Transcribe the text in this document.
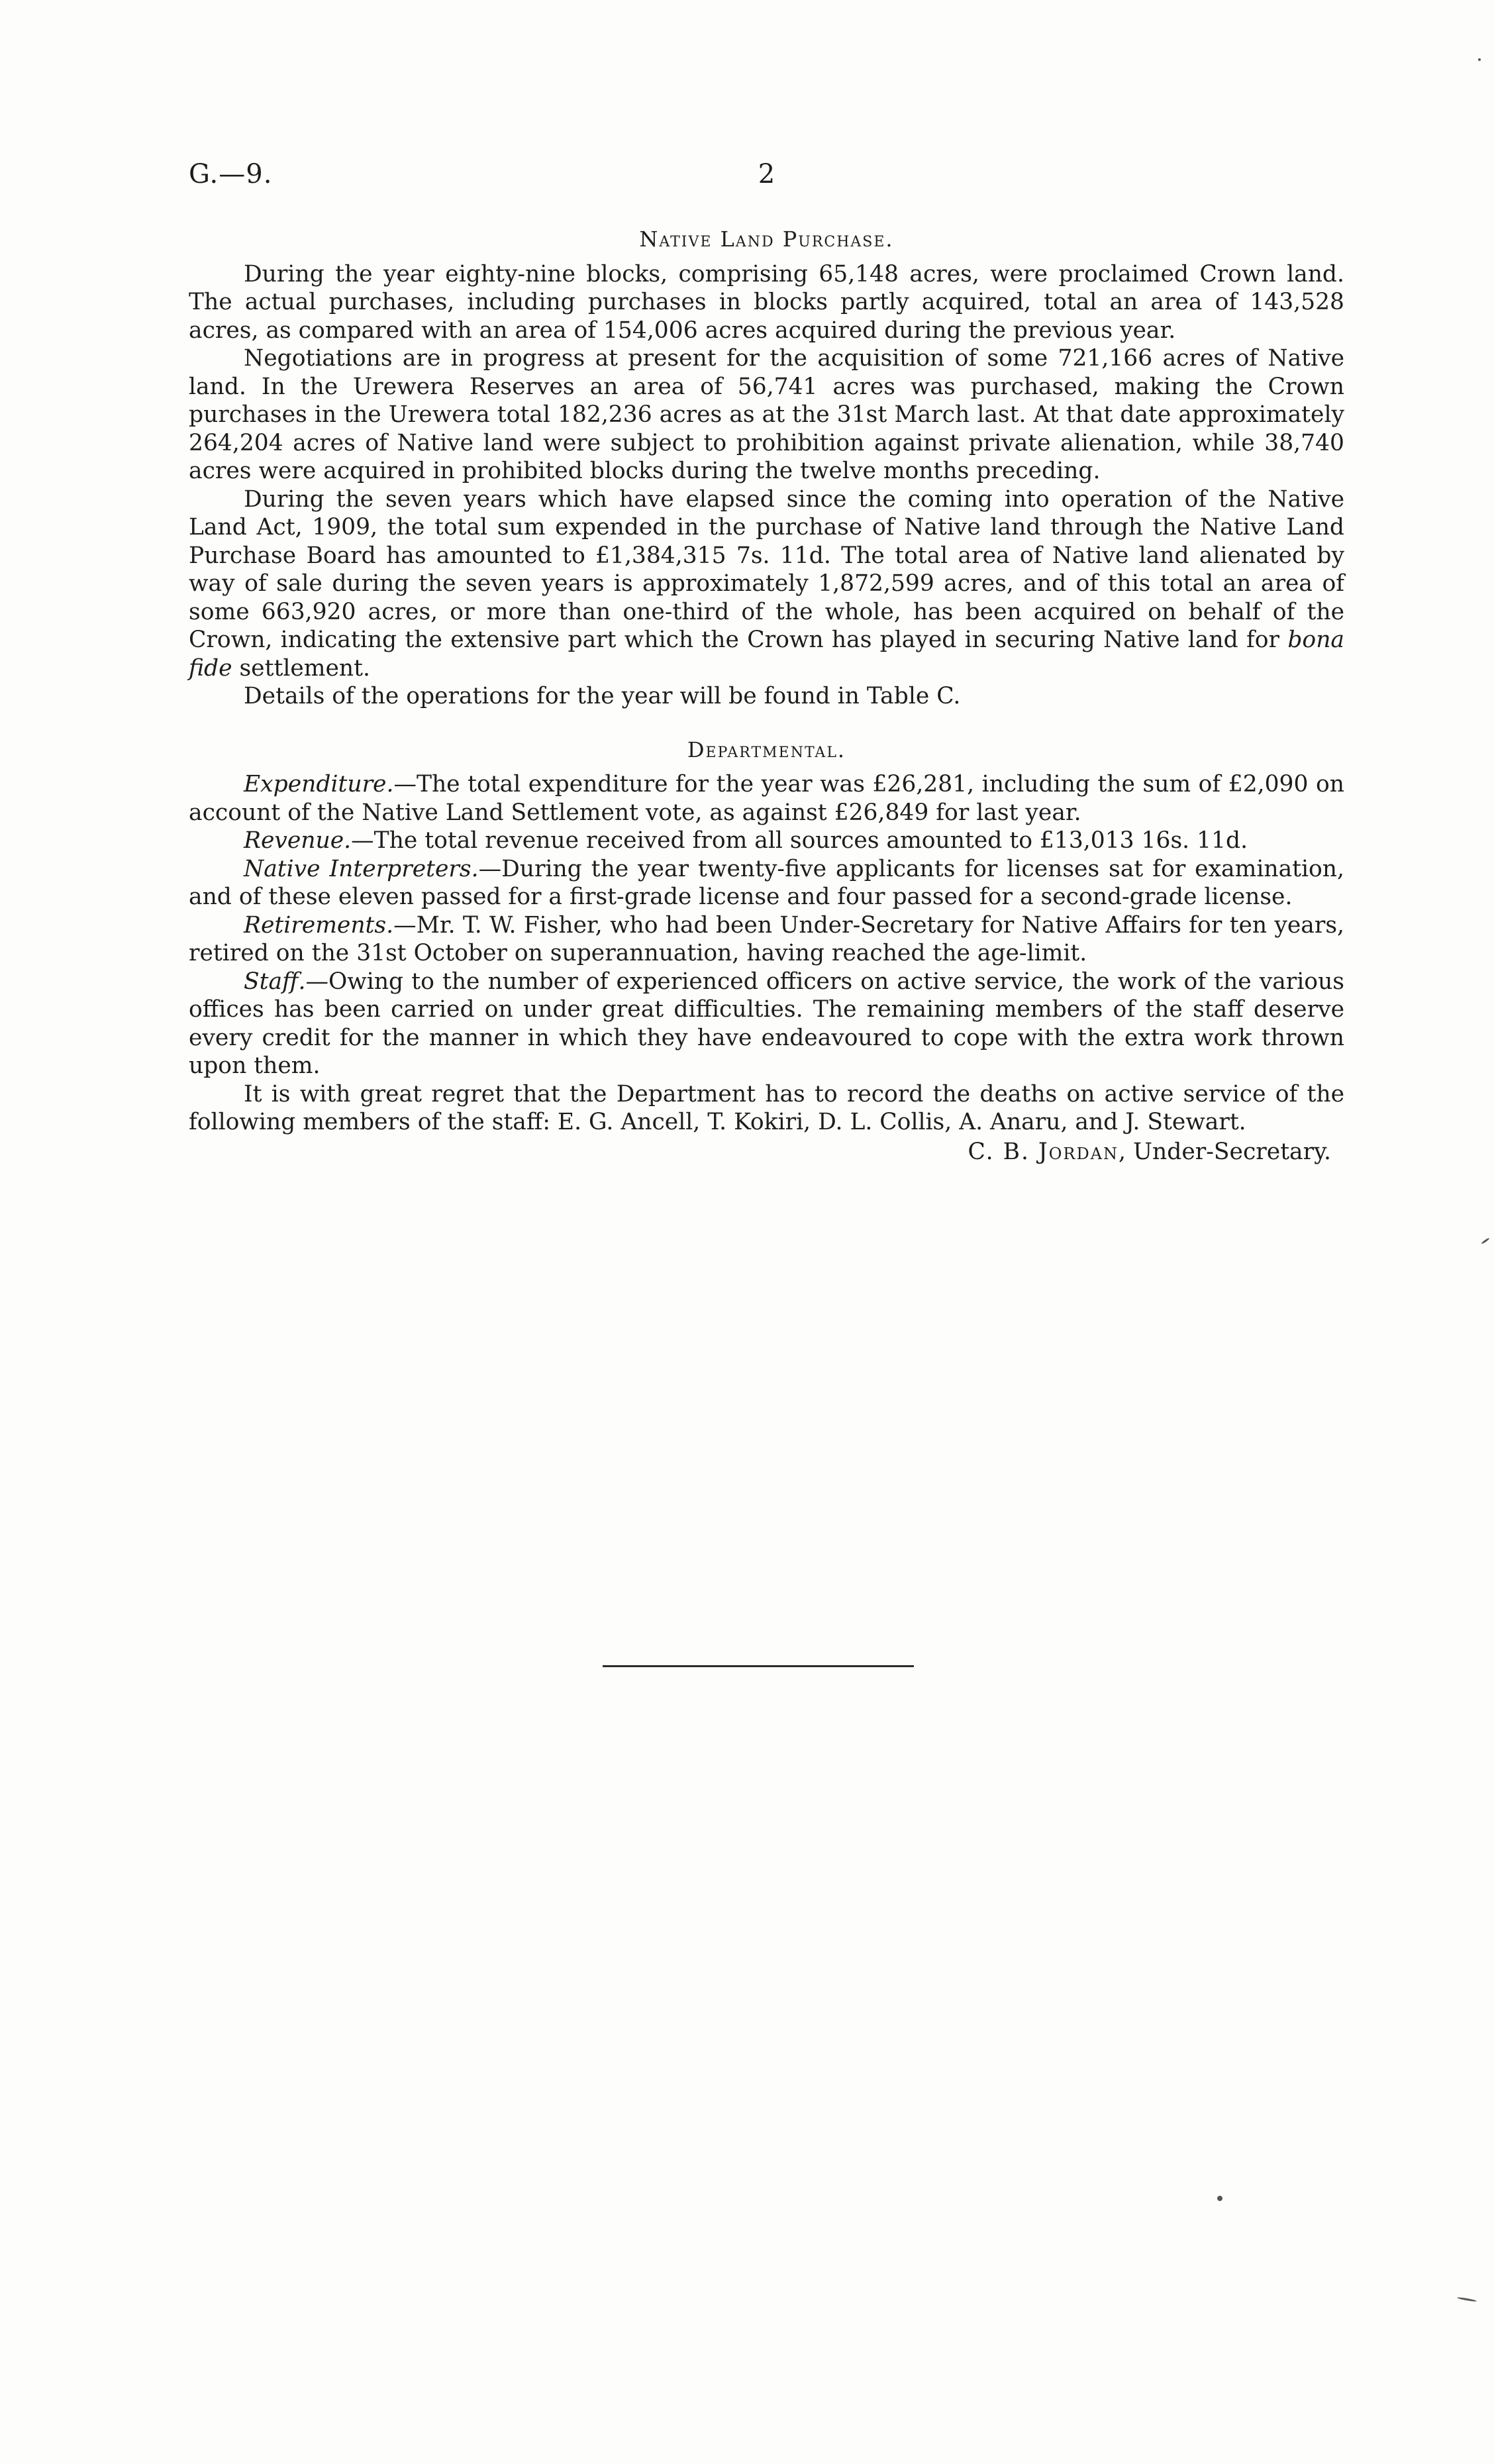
G.—9.	2
Native Land Purchase.

During the year eighty-nine blocks, comprising 65,148 acres, were proclaimed Crown land. The actual purchases, including purchases in blocks partly acquired, total an area of 143,528 acres, as compared with an area of 154,006 acres acquired during the previous year.

Negotiations are in progress at present for the acquisition of some 721,166 acres of Native land. In the Urewera Reserves an area of 56,741 acres was purchased, making the Crown purchases in the Urewera total 182,236 acres as at the 31st March last. At that date approximately 264,204 acres of Native land were subject to prohibition against private alienation, while 38,740 acres were acquired in prohibited blocks during the twelve months preceding.

During the seven years which have elapsed since the coming into operation of the Native Land Act, 1909, the total sum expended in the purchase of Native land through the Native Land Purchase Board has amounted to £1,384,315 7s. 11d. The total area of Native land alienated by way of sale during the seven years is approximately 1,872,599 acres, and of this total an area of some 663,920 acres, or more than one-third of the whole, has been acquired on behalf of the Crown, indicating the extensive part which the Crown has played in securing Native land for bona fide settlement.

Details of the operations for the year will be found in Table C.

Departmental.

Expenditure.—The total expenditure for the year was £26,281, including the sum of £2,090 on account of the Native Land Settlement vote, as against £26,849 for last year.

Revenue.—The total revenue received from all sources amounted to £13,013 16s. 11d.

Native Interpreters.—During the year twenty-five applicants for licenses sat for examination, and of these eleven passed for a first-grade license and four passed for a second-grade license.

Retirements.—Mr. T. W. Fisher, who had been Under-Secretary for Native Affairs for ten years, retired on the 31st October on superannuation, having reached the age-limit.

Staff.—Owing to the number of experienced officers on active service, the work of the various offices has been carried on under great difficulties. The remaining members of the staff deserve every credit for the manner in which they have endeavoured to cope with the extra work thrown upon them.

It is with great regret that the Department has to record the deaths on active service of the following members of the staff: E. G. Ancell, T. Kokiri, D. L. Collis, A. Anaru, and J. Stewart.

C. B. Jordan, Under-Secretary.
